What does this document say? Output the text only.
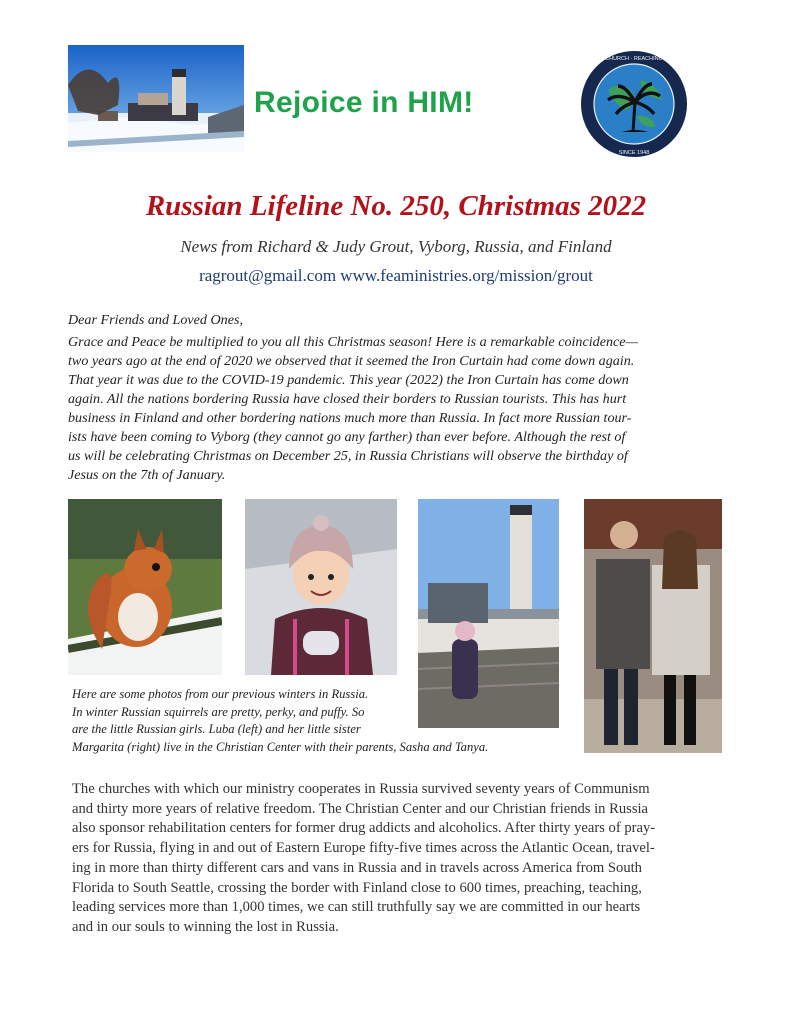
Rejoice in HIM!
CHURCH · REACHING
SINCE 1948
Russian Lifeline No. 250, Christmas 2022
News from Richard & Judy Grout, Vyborg, Russia, and Finland
ragrout@gmail.com www.feaministries.org/mission/grout
Dear Friends and Loved Ones,
Grace and Peace be multiplied to you all this Christmas season! Here is a remarkable coincidence—
two years ago at the end of 2020 we observed that it seemed the Iron Curtain had come down again.
That year it was due to the COVID-19 pandemic. This year (2022) the Iron Curtain has come down
again. All the nations bordering Russia have closed their borders to Russian tourists. This has hurt
business in Finland and other bordering nations much more than Russia. In fact more Russian tour-
ists have been coming to Vyborg (they cannot go any farther) than ever before. Although the rest of
us will be celebrating Christmas on December 25, in Russia Christians will observe the birthday of
Jesus on the 7th of January.
Here are some photos from our previous winters in Russia.
In winter Russian squirrels are pretty, perky, and puffy. So
are the little Russian girls. Luba (left) and her little sister
Margarita (right) live in the Christian Center with their parents, Sasha and Tanya.
The churches with which our ministry cooperates in Russia survived seventy years of Communism
and thirty more years of relative freedom. The Christian Center and our Christian friends in Russia
also sponsor rehabilitation centers for former drug addicts and alcoholics. After thirty years of pray-
ers for Russia, flying in and out of Eastern Europe fifty-five times across the Atlantic Ocean, travel-
ing in more than thirty different cars and vans in Russia and in travels across America from South
Florida to South Seattle, crossing the border with Finland close to 600 times, preaching, teaching,
leading services more than 1,000 times, we can still truthfully say we are committed in our hearts
and in our souls to winning the lost in Russia.
